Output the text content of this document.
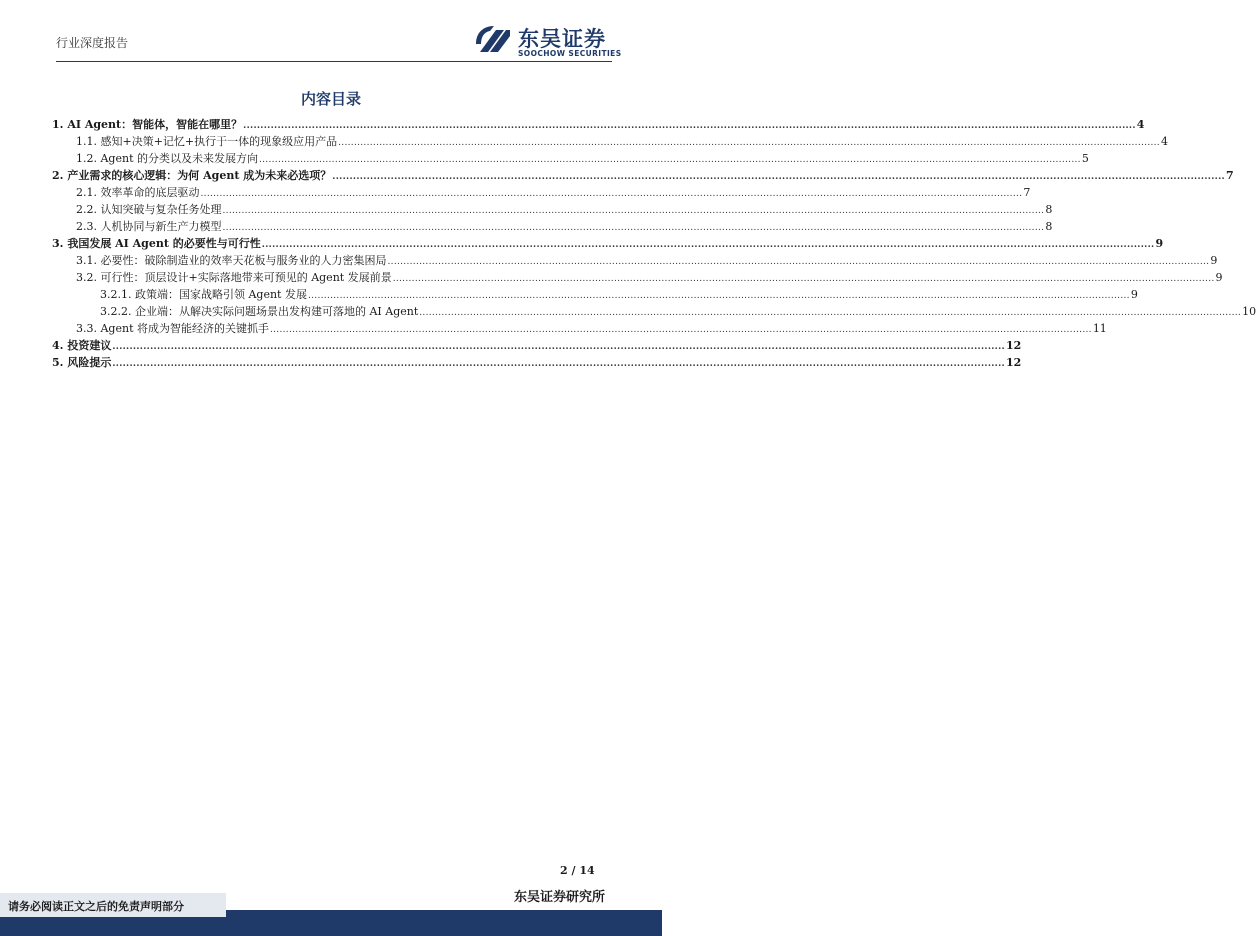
行业深度报告	东吴证券
SOOCHOW SECURITIES
内容目录
1. AI Agent：智能体，智能在哪里？ .................................................................................................................................................................................................................................................................... 4
1.1. 感知+决策+记忆+执行于一体的现象级应用产品 .................................................................................................................................................................................................................................................................... 4
1.2. Agent 的分类以及未来发展方向 .................................................................................................................................................................................................................................................................... 5
2. 产业需求的核心逻辑：为何 Agent 成为未来必选项？ .................................................................................................................................................................................................................................................................... 7
2.1. 效率革命的底层驱动 .................................................................................................................................................................................................................................................................... 7
2.2. 认知突破与复杂任务处理 .................................................................................................................................................................................................................................................................... 8
2.3. 人机协同与新生产力模型 .................................................................................................................................................................................................................................................................... 8
3. 我国发展 AI Agent 的必要性与可行性 .................................................................................................................................................................................................................................................................... 9
3.1. 必要性：破除制造业的效率天花板与服务业的人力密集困局 .................................................................................................................................................................................................................................................................... 9
3.2. 可行性：顶层设计+实际落地带来可预见的 Agent 发展前景 .................................................................................................................................................................................................................................................................... 9
3.2.1. 政策端：国家战略引领 Agent 发展 .................................................................................................................................................................................................................................................................... 9
3.2.2. 企业端：从解决实际问题场景出发构建可落地的 AI Agent .................................................................................................................................................................................................................................................................... 10
3.3. Agent 将成为智能经济的关键抓手 .................................................................................................................................................................................................................................................................... 11
4. 投资建议 .................................................................................................................................................................................................................................................................... 12
5. 风险提示 .................................................................................................................................................................................................................................................................... 12
2 / 14
东吴证券研究所
请务必阅读正文之后的免责声明部分
